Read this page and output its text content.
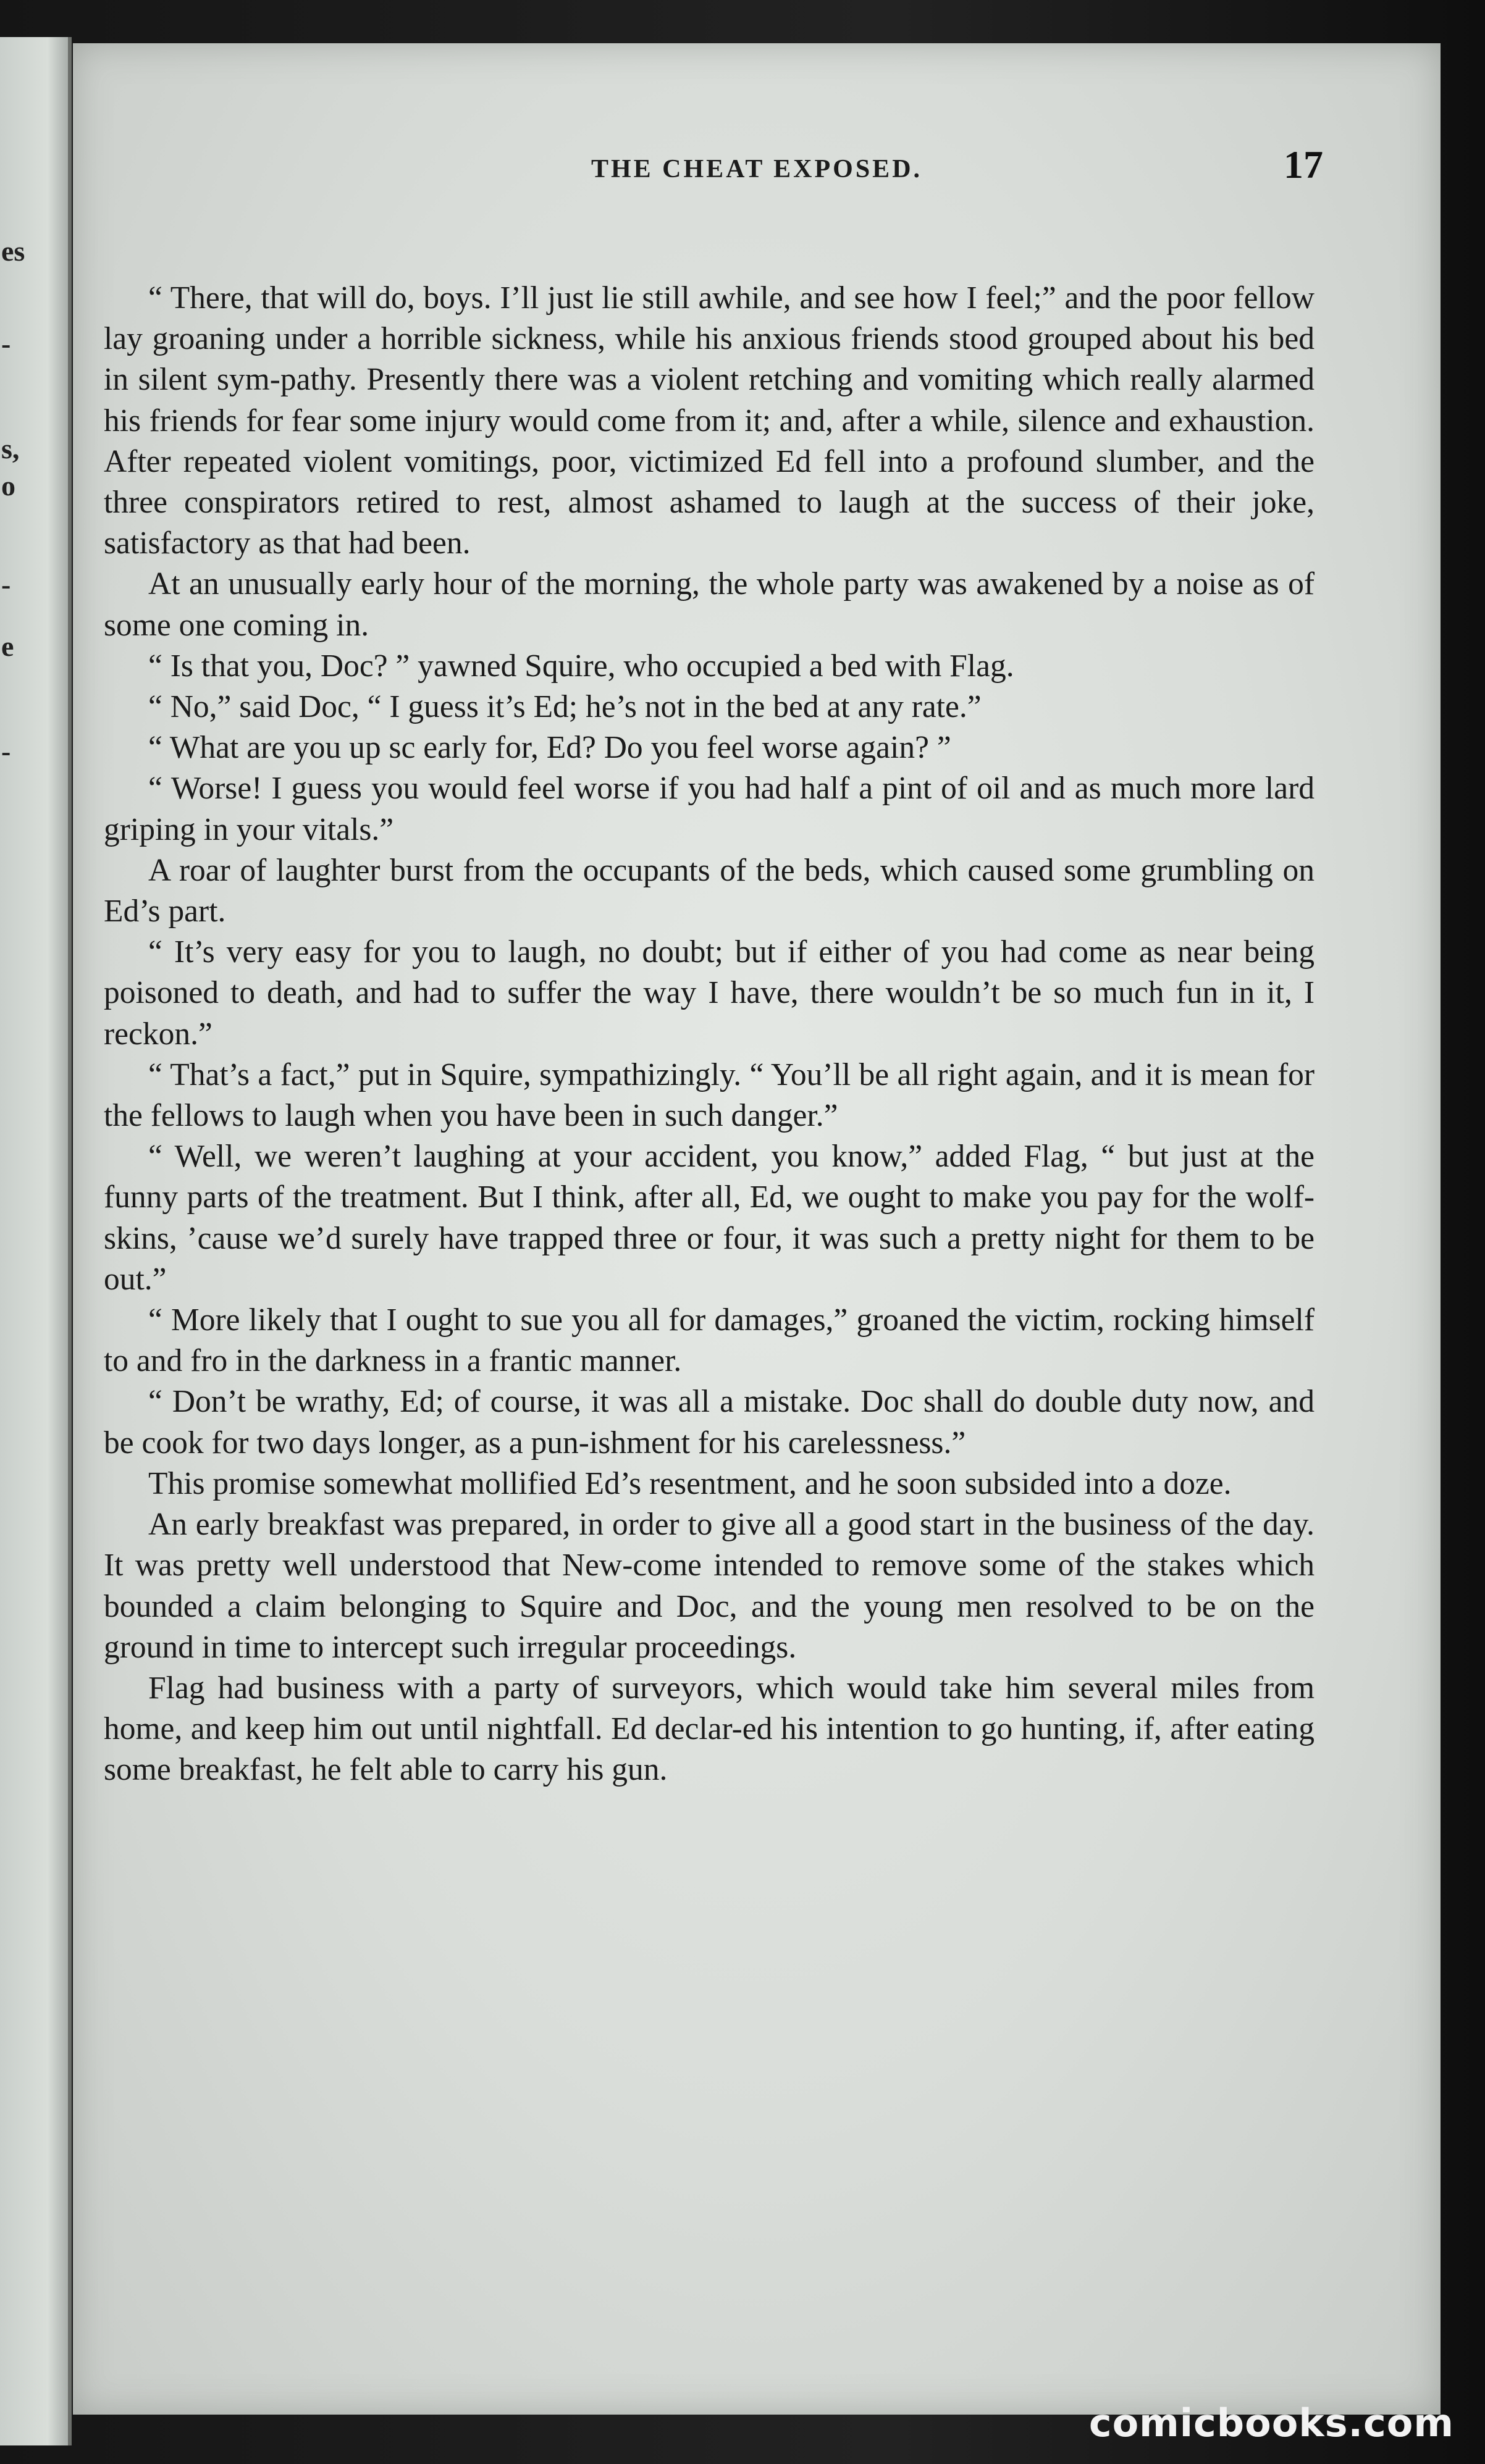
es
-
s,
o
-
e
-
THE CHEAT EXPOSED.	17

“ There, that will do, boys. I’ll just lie still awhile, and see how I feel;” and the poor fellow lay groaning under a horrible sickness, while his anxious friends stood grouped about his bed in silent sym-pathy. Presently there was a violent retching and vomiting which really alarmed his friends for fear some injury would come from it; and, after a while, silence and exhaustion. After repeated violent vomitings, poor, victimized Ed fell into a profound slumber, and the three conspirators retired to rest, almost ashamed to laugh at the success of their joke, satisfactory as that had been.

At an unusually early hour of the morning, the whole party was awakened by a noise as of some one coming in.

“ Is that you, Doc? ” yawned Squire, who occupied a bed with Flag.

“ No,” said Doc, “ I guess it’s Ed; he’s not in the bed at any rate.”

“ What are you up sc early for, Ed? Do you feel worse again? ”

“ Worse! I guess you would feel worse if you had half a pint of oil and as much more lard griping in your vitals.”

A roar of laughter burst from the occupants of the beds, which caused some grumbling on Ed’s part.

“ It’s very easy for you to laugh, no doubt; but if either of you had come as near being poisoned to death, and had to suffer the way I have, there wouldn’t be so much fun in it, I reckon.”

“ That’s a fact,” put in Squire, sympathizingly. “ You’ll be all right again, and it is mean for the fellows to laugh when you have been in such danger.”

“ Well, we weren’t laughing at your accident, you know,” added Flag, “ but just at the funny parts of the treatment. But I think, after all, Ed, we ought to make you pay for the wolf-skins, ’cause we’d surely have trapped three or four, it was such a pretty night for them to be out.”

“ More likely that I ought to sue you all for damages,” groaned the victim, rocking himself to and fro in the darkness in a frantic manner.

“ Don’t be wrathy, Ed; of course, it was all a mistake. Doc shall do double duty now, and be cook for two days longer, as a pun-ishment for his carelessness.”

This promise somewhat mollified Ed’s resentment, and he soon subsided into a doze.

An early breakfast was prepared, in order to give all a good start in the business of the day. It was pretty well understood that New-come intended to remove some of the stakes which bounded a claim belonging to Squire and Doc, and the young men resolved to be on the ground in time to intercept such irregular proceedings.

Flag had business with a party of surveyors, which would take him several miles from home, and keep him out until nightfall. Ed declar-ed his intention to go hunting, if, after eating some breakfast, he felt able to carry his gun.

comicbooks.com
